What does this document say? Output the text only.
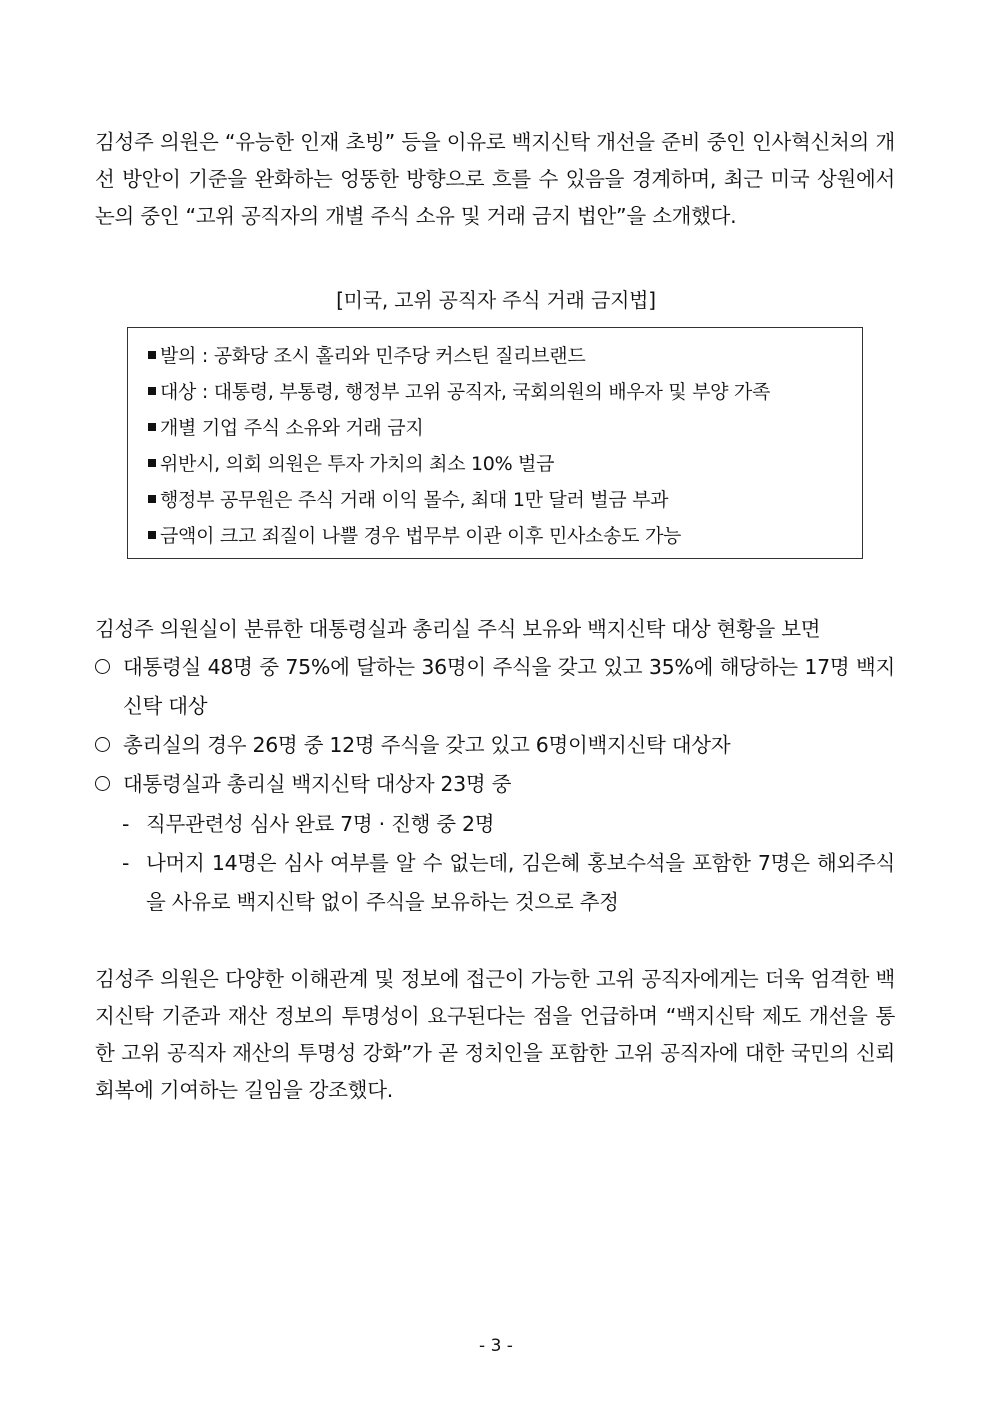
김성주 의원은 “유능한 인재 초빙” 등을 이유로 백지신탁 개선을 준비 중인 인사혁신처의 개선 방안이 기준을 완화하는 엉뚱한 방향으로 흐를 수 있음을 경계하며, 최근 미국 상원에서 논의 중인 “고위 공직자의 개별 주식 소유 및 거래 금지 법안”을 소개했다.

[미국, 고위 공직자 주식 거래 금지법]

발의 : 공화당 조시 홀리와 민주당 커스틴 질리브랜드
대상 : 대통령, 부통령, 행정부 고위 공직자, 국회의원의 배우자 및 부양 가족
개별 기업 주식 소유와 거래 금지
위반시, 의회 의원은 투자 가치의 최소 10% 벌금
행정부 공무원은 주식 거래 이익 몰수, 최대 1만 달러 벌금 부과
금액이 크고 죄질이 나쁠 경우 법무부 이관 이후 민사소송도 가능

김성주 의원실이 분류한 대통령실과 총리실 주식 보유와 백지신탁 대상 현황을 보면

대통령실 48명 중 75%에 달하는 36명이 주식을 갖고 있고 35%에 해당하는 17명 백지신탁 대상
총리실의 경우 26명 중 12명 주식을 갖고 있고 6명이백지신탁 대상자
대통령실과 총리실 백지신탁 대상자 23명 중
- 직무관련성 심사 완료 7명 · 진행 중 2명
- 나머지 14명은 심사 여부를 알 수 없는데, 김은혜 홍보수석을 포함한 7명은 해외주식을 사유로 백지신탁 없이 주식을 보유하는 것으로 추정

김성주 의원은 다양한 이해관계 및 정보에 접근이 가능한 고위 공직자에게는 더욱 엄격한 백지신탁 기준과 재산 정보의 투명성이 요구된다는 점을 언급하며 “백지신탁 제도 개선을 통한 고위 공직자 재산의 투명성 강화”가 곧 정치인을 포함한 고위 공직자에 대한 국민의 신뢰 회복에 기여하는 길임을 강조했다.

- 3 -
